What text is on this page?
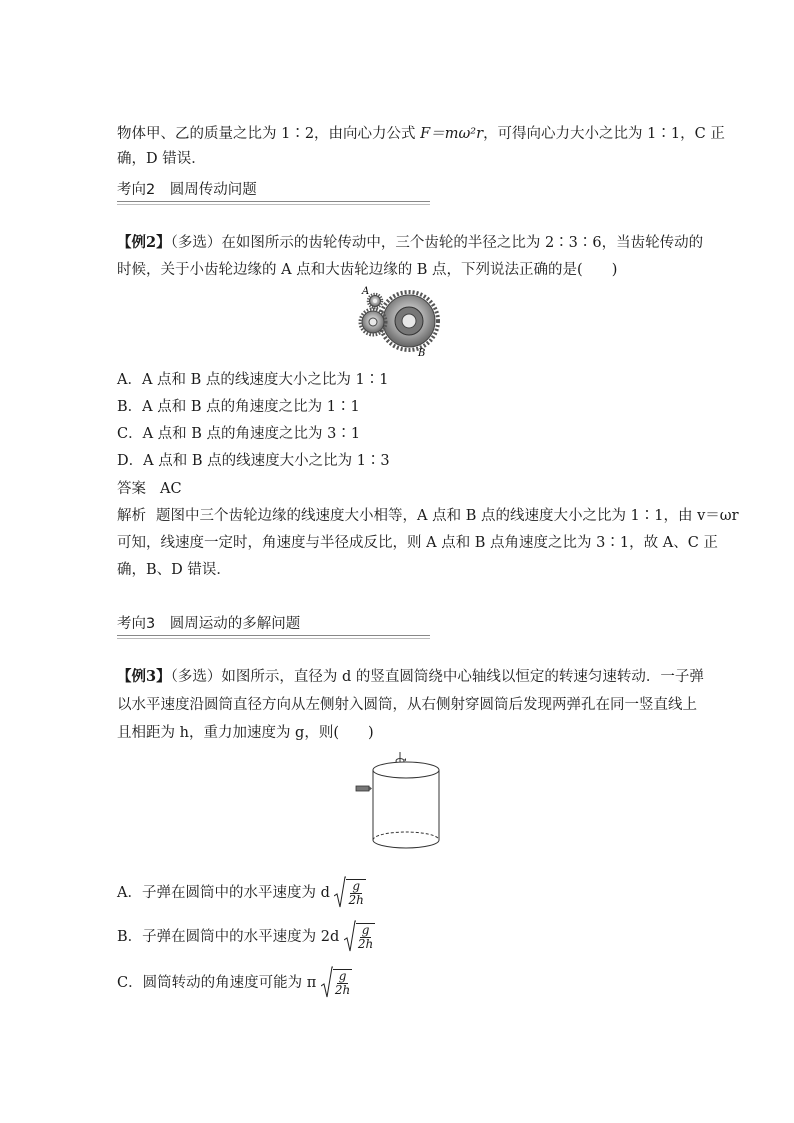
物体甲、乙的质量之比为 1∶2，由向心力公式 F＝mω²r，可得向心力大小之比为 1∶1，C 正
确，D 错误．
考向2　圆周传动问题
【例2】（多选）在如图所示的齿轮传动中，三个齿轮的半径之比为 2∶3∶6，当齿轮传动的
时候，关于小齿轮边缘的 A 点和大齿轮边缘的 B 点，下列说法正确的是(　　)
A
B
A．A 点和 B 点的线速度大小之比为 1∶1
B．A 点和 B 点的角速度之比为 1∶1
C．A 点和 B 点的角速度之比为 3∶1
D．A 点和 B 点的线速度大小之比为 1∶3
答案 AC
解析 题图中三个齿轮边缘的线速度大小相等，A 点和 B 点的线速度大小之比为 1∶1，由 v＝ωr
可知，线速度一定时，角速度与半径成反比，则 A 点和 B 点角速度之比为 3∶1，故 A、C 正
确，B、D 错误．
考向3　圆周运动的多解问题
【例3】（多选）如图所示，直径为 d 的竖直圆筒绕中心轴线以恒定的转速匀速转动．一子弹
以水平速度沿圆筒直径方向从左侧射入圆筒，从右侧射穿圆筒后发现两弹孔在同一竖直线上
且相距为 h，重力加速度为 g，则(　　)
A．子弹在圆筒中的水平速度为 d $\frac{g}{2h}$
B．子弹在圆筒中的水平速度为 $2d \frac{g}{2h}$
C．圆筒转动的角速度可能为 π $\frac{g}{2h}$
